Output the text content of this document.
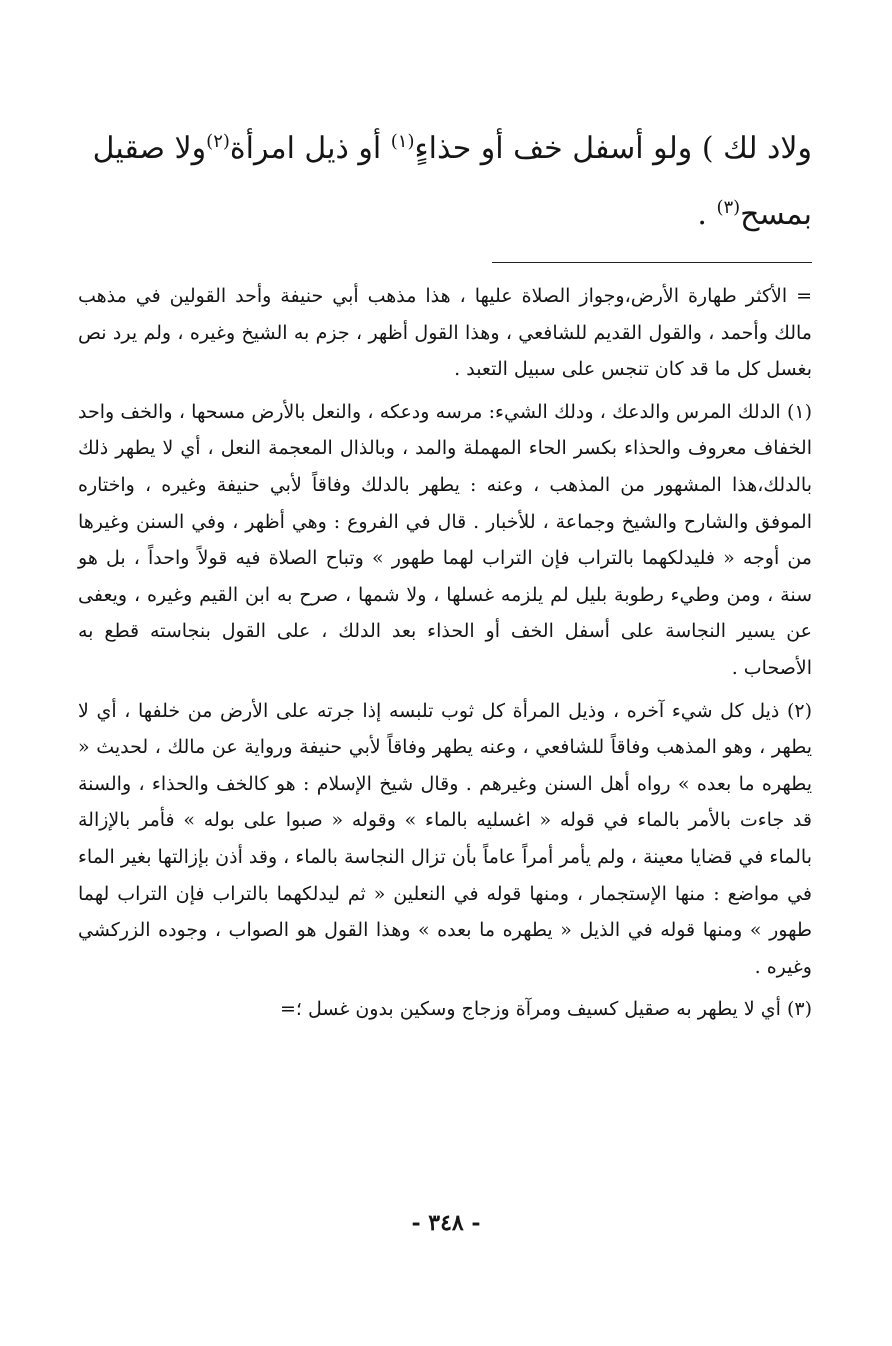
ولاد لك ) ولو أسفل خف أو حذاءٍ$^{(١)}$ أو ذيل امرأة$^{(٢)}$ولا صقيل

بمسح$^{(٣)}$ .

= الأكثر طهارة الأرض،وجواز الصلاة عليها ، هذا مذهب أبي حنيفة وأحد القولين في مذهب مالك وأحمد ، والقول القديم للشافعي ، وهذا القول أظهر ، جزم به الشيخ وغيره ، ولم يرد نص بغسل كل ما قد كان تنجس على سبيل التعبد .

(١) الدلك المرس والدعك ، ودلك الشيء: مرسه ودعكه ، والنعل بالأرض مسحها ، والخف واحد الخفاف معروف والحذاء بكسر الحاء المهملة والمد ، وبالذال المعجمة النعل ، أي لا يطهر ذلك بالدلك،هذا المشهور من المذهب ، وعنه : يطهر بالدلك وفاقاً لأبي حنيفة وغيره ، واختاره الموفق والشارح والشيخ وجماعة ، للأخبار . قال في الفروع : وهي أظهر ، وفي السنن وغيرها من أوجه « فليدلكهما بالتراب فإن التراب لهما طهور » وتباح الصلاة فيه قولاً واحداً ، بل هو سنة ، ومن وطيء رطوبة بليل لم يلزمه غسلها ، ولا شمها ، صرح به ابن القيم وغيره ، ويعفى عن يسير النجاسة على أسفل الخف أو الحذاء بعد الدلك ، على القول بنجاسته قطع به الأصحاب .

(٢) ذيل كل شيء آخره ، وذيل المرأة كل ثوب تلبسه إذا جرته على الأرض من خلفها ، أي لا يطهر ، وهو المذهب وفاقاً للشافعي ، وعنه يطهر وفاقاً لأبي حنيفة ورواية عن مالك ، لحديث « يطهره ما بعده » رواه أهل السنن وغيرهم . وقال شيخ الإسلام : هو كالخف والحذاء ، والسنة قد جاءت بالأمر بالماء في قوله « اغسليه بالماء » وقوله « صبوا على بوله » فأمر بالإزالة بالماء في قضايا معينة ، ولم يأمر أمراً عاماً بأن تزال النجاسة بالماء ، وقد أذن بإزالتها بغير الماء في مواضع : منها الإستجمار ، ومنها قوله في النعلين « ثم ليدلكهما بالتراب فإن التراب لهما طهور » ومنها قوله في الذيل « يطهره ما بعده » وهذا القول هو الصواب ، وجوده الزركشي وغيره .

(٣) أي لا يطهر به صقيل كسيف ومرآة وزجاج وسكين بدون غسل ؛=

- ٣٤٨ -
